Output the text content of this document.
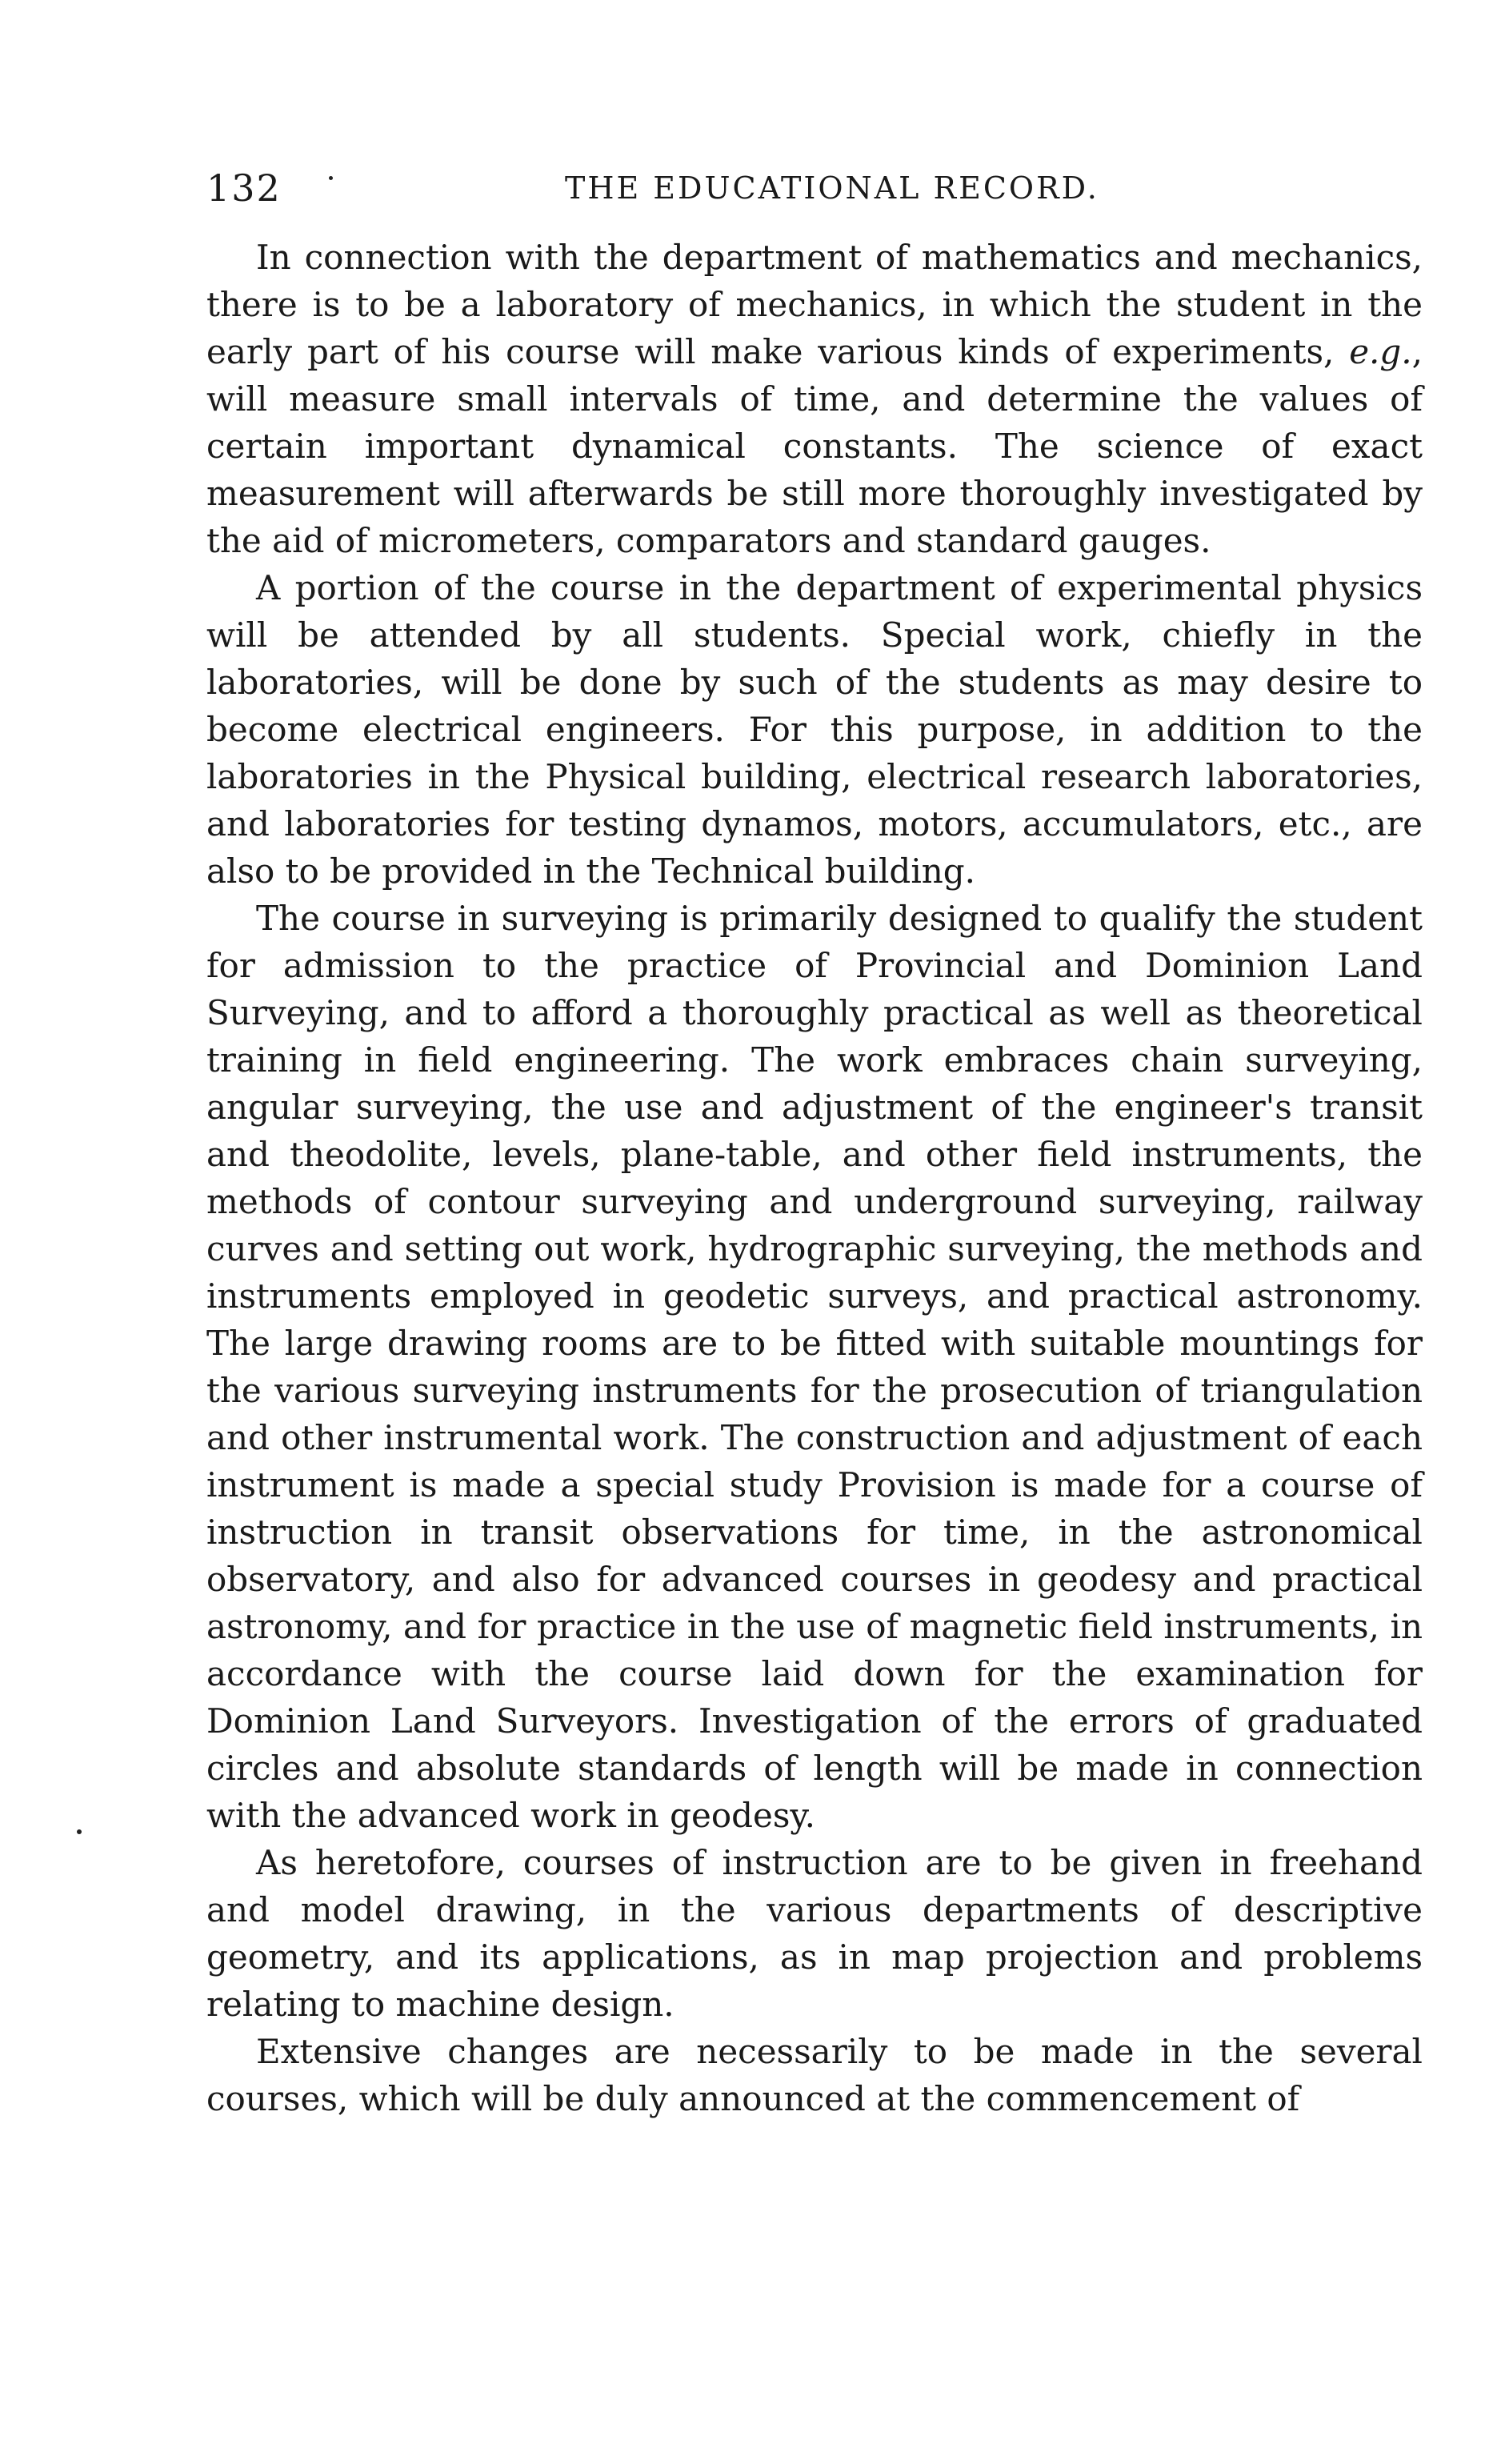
132	THE EDUCATIONAL RECORD.

In connection with the department of mathematics and mechanics, there is to be a laboratory of mechanics, in which the student in the early part of his course will make various kinds of experiments, e.g., will measure small intervals of time, and determine the values of certain important dynamical constants. The science of exact measurement will afterwards be still more thoroughly investigated by the aid of micrometers, comparators and standard gauges.

A portion of the course in the department of experimental physics will be attended by all students. Special work, chiefly in the laboratories, will be done by such of the students as may desire to become electrical engineers. For this purpose, in addition to the laboratories in the Physical building, electrical research laboratories, and laboratories for testing dynamos, motors, accumulators, etc., are also to be provided in the Technical building.

The course in surveying is primarily designed to qualify the student for admission to the practice of Provincial and Dominion Land Surveying, and to afford a thoroughly practical as well as theoretical training in field engineering. The work embraces chain surveying, angular surveying, the use and adjustment of the engineer's transit and theodolite, levels, plane-table, and other field instruments, the methods of contour surveying and underground surveying, railway curves and setting out work, hydrographic surveying, the methods and instruments employed in geodetic surveys, and practical astronomy. The large drawing rooms are to be fitted with suitable mountings for the various surveying instruments for the prosecution of triangulation and other instrumental work. The construction and adjustment of each instrument is made a special study Provision is made for a course of instruction in transit observations for time, in the astronomical observatory, and also for advanced courses in geodesy and practical astronomy, and for practice in the use of magnetic field instruments, in accordance with the course laid down for the examination for Dominion Land Surveyors. Investigation of the errors of graduated circles and absolute standards of length will be made in connection with the advanced work in geodesy.

As heretofore, courses of instruction are to be given in freehand and model drawing, in the various departments of descriptive geometry, and its applications, as in map projection and problems relating to machine design.

Extensive changes are necessarily to be made in the several courses, which will be duly announced at the commencement of
